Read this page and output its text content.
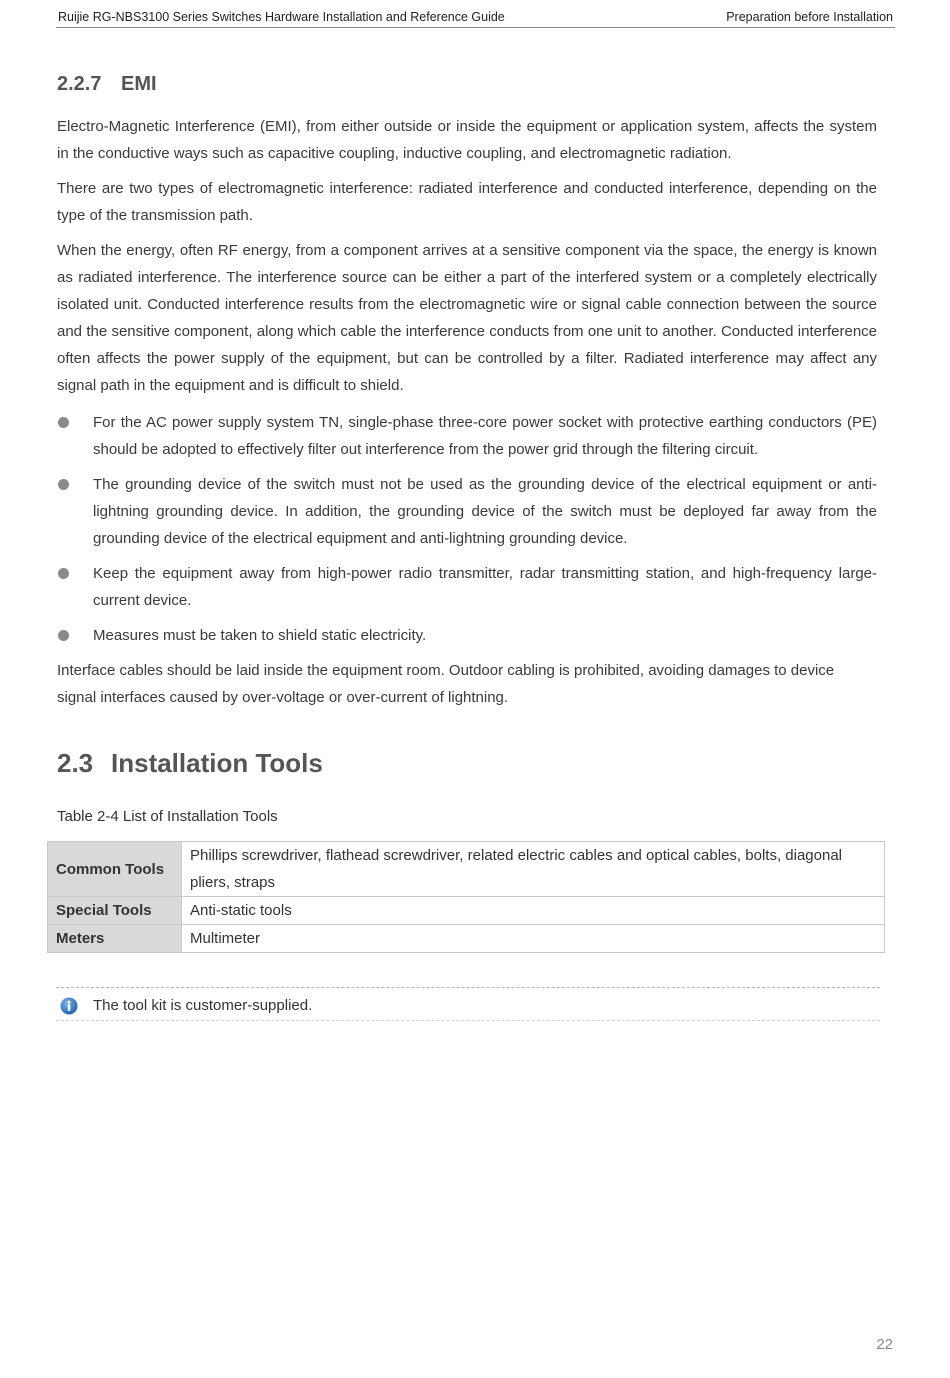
Ruijie RG-NBS3100 Series Switches Hardware Installation and Reference Guide	Preparation before Installation
2.2.7 EMI

Electro-Magnetic Interference (EMI), from either outside or inside the equipment or application system, affects the system in the conductive ways such as capacitive coupling, inductive coupling, and electromagnetic radiation.

There are two types of electromagnetic interference: radiated interference and conducted interference, depending on the type of the transmission path.

When the energy, often RF energy, from a component arrives at a sensitive component via the space, the energy is known as radiated interference. The interference source can be either a part of the interfered system or a completely electrically isolated unit. Conducted interference results from the electromagnetic wire or signal cable connection between the source and the sensitive component, along which cable the interference conducts from one unit to another. Conducted interference often affects the power supply of the equipment, but can be controlled by a filter. Radiated interference may affect any signal path in the equipment and is difficult to shield.

For the AC power supply system TN, single-phase three-core power socket with protective earthing conductors (PE) should be adopted to effectively filter out interference from the power grid through the filtering circuit.
The grounding device of the switch must not be used as the grounding device of the electrical equipment or anti-lightning grounding device. In addition, the grounding device of the switch must be deployed far away from the grounding device of the electrical equipment and anti-lightning grounding device.
Keep the equipment away from high-power radio transmitter, radar transmitting station, and high-frequency large-current device.
Measures must be taken to shield static electricity.

Interface cables should be laid inside the equipment room. Outdoor cabling is prohibited, avoiding damages to device signal interfaces caused by over-voltage or over-current of lightning.

2.3 Installation Tools
Table 2-4 List of Installation Tools
Common Tools	Phillips screwdriver, flathead screwdriver, related electric cables and optical cables, bolts, diagonal pliers, straps
Special Tools	Anti-static tools
Meters	Multimeter
The tool kit is customer-supplied.
22
